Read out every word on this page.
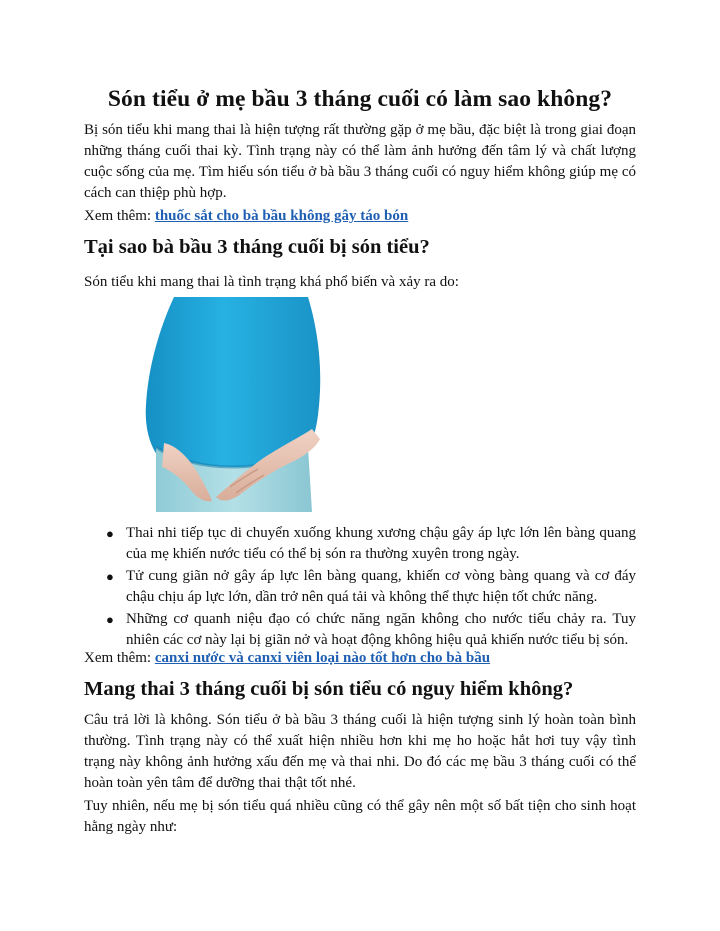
Són tiểu ở mẹ bầu 3 tháng cuối có làm sao không?

Bị són tiểu khi mang thai là hiện tượng rất thường gặp ở mẹ bầu, đặc biệt là trong giai đoạn những tháng cuối thai kỳ. Tình trạng này có thể làm ảnh hưởng đến tâm lý và chất lượng cuộc sống của mẹ. Tìm hiểu són tiểu ở bà bầu 3 tháng cuối có nguy hiểm không giúp mẹ có cách can thiệp phù hợp.

Xem thêm: thuốc sắt cho bà bầu không gây táo bón

Tại sao bà bầu 3 tháng cuối bị són tiểu?

Són tiểu khi mang thai là tình trạng khá phổ biến và xảy ra do:

● Thai nhi tiếp tục di chuyển xuống khung xương chậu gây áp lực lớn lên bàng quang của mẹ khiến nước tiểu có thể bị són ra thường xuyên trong ngày.
● Tử cung giãn nở gây áp lực lên bàng quang, khiến cơ vòng bàng quang và cơ đáy chậu chịu áp lực lớn, dần trở nên quá tải và không thể thực hiện tốt chức năng.
● Những cơ quanh niệu đạo có chức năng ngăn không cho nước tiểu chảy ra. Tuy nhiên các cơ này lại bị giãn nở và hoạt động không hiệu quả khiến nước tiểu bị són.

Xem thêm: canxi nước và canxi viên loại nào tốt hơn cho bà bầu

Mang thai 3 tháng cuối bị són tiểu có nguy hiểm không?

Câu trả lời là không. Són tiểu ở bà bầu 3 tháng cuối là hiện tượng sinh lý hoàn toàn bình thường. Tình trạng này có thể xuất hiện nhiều hơn khi mẹ ho hoặc hắt hơi tuy vậy tình trạng này không ảnh hưởng xấu đến mẹ và thai nhi. Do đó các mẹ bầu 3 tháng cuối có thể hoàn toàn yên tâm để dưỡng thai thật tốt nhé.

Tuy nhiên, nếu mẹ bị són tiểu quá nhiều cũng có thể gây nên một số bất tiện cho sinh hoạt hằng ngày như:
